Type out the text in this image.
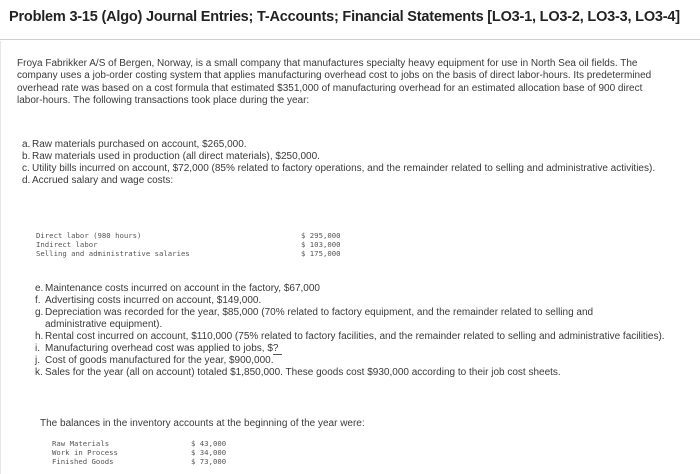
Problem 3-15 (Algo) Journal Entries; T-Accounts; Financial Statements [LO3-1, LO3-2, LO3-3, LO3-4]
Froya Fabrikker A/S of Bergen, Norway, is a small company that manufactures specialty heavy equipment for use in North Sea oil fields. The company uses a job-order costing system that applies manufacturing overhead cost to jobs on the basis of direct labor-hours. Its predetermined overhead rate was based on a cost formula that estimated $351,000 of manufacturing overhead for an estimated allocation base of 900 direct labor-hours. The following transactions took place during the year:
a. Raw materials purchased on account, $265,000.
b. Raw materials used in production (all direct materials), $250,000.
c. Utility bills incurred on account, $72,000 (85% related to factory operations, and the remainder related to selling and administrative activities).
d. Accrued salary and wage costs:
Direct labor (980 hours)	$ 295,000
Indirect labor	$ 103,000
Selling and administrative salaries	$ 175,000
e. Maintenance costs incurred on account in the factory, $67,000
f. Advertising costs incurred on account, $149,000.
g. Depreciation was recorded for the year, $85,000 (70% related to factory equipment, and the remainder related to selling and administrative equipment).
h. Rental cost incurred on account, $110,000 (75% related to factory facilities, and the remainder related to selling and administrative facilities).
i. Manufacturing overhead cost was applied to jobs, $?
j. Cost of goods manufactured for the year, $900,000.
k. Sales for the year (all on account) totaled $1,850,000. These goods cost $930,000 according to their job cost sheets.
The balances in the inventory accounts at the beginning of the year were:
Raw Materials	$ 43,000
Work in Process	$ 34,000
Finished Goods	$ 73,000
